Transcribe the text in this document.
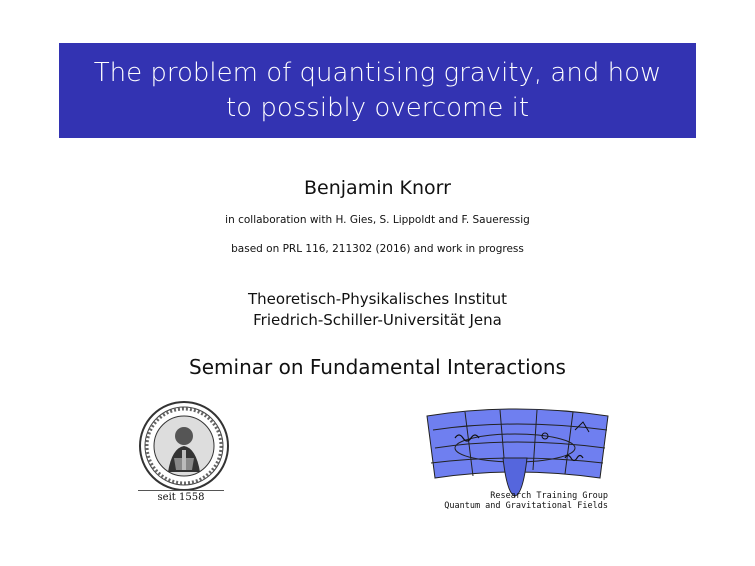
The problem of quantising gravity, and how to possibly overcome it
Benjamin Knorr
in collaboration with H. Gies, S. Lippoldt and F. Saueressig
based on PRL 116, 211302 (2016) and work in progress
Theoretisch-Physikalisches Institut
Friedrich-Schiller-Universität Jena
Seminar on Fundamental Interactions
seit 1558	Research Training Group
Quantum and Gravitational Fields
